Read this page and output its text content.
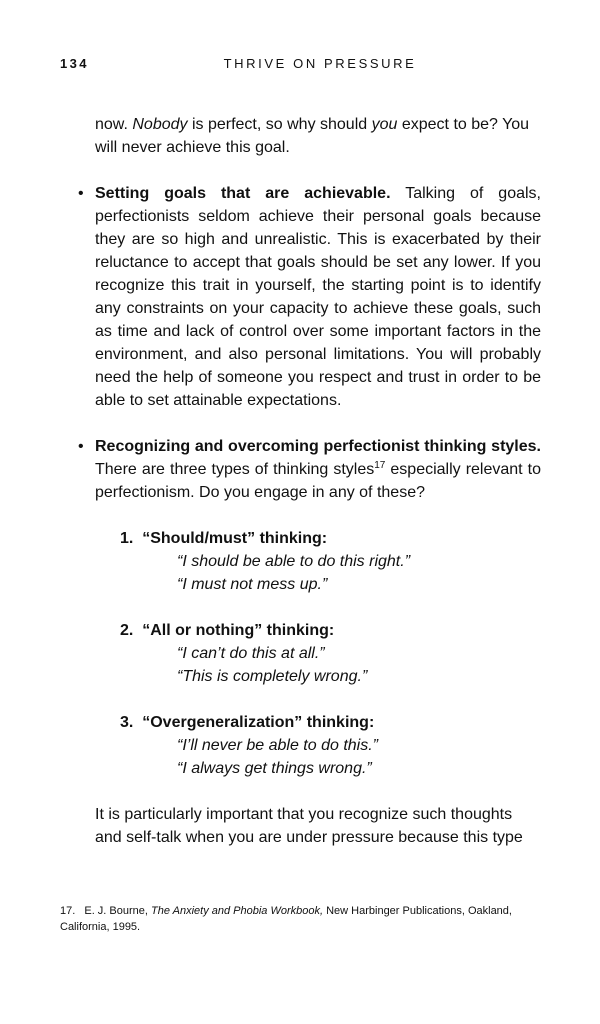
134	THRIVE ON PRESSURE

now. Nobody is perfect, so why should you expect to be? You will never achieve this goal.

• Setting goals that are achievable. Talking of goals, perfectionists seldom achieve their personal goals because they are so high and unrealistic. This is exacerbated by their reluctance to accept that goals should be set any lower. If you recognize this trait in yourself, the starting point is to identify any constraints on your capacity to achieve these goals, such as time and lack of control over some important factors in the environment, and also personal limitations. You will probably need the help of someone you respect and trust in order to be able to set attainable expectations.

• Recognizing and overcoming perfectionist thinking styles. There are three types of thinking styles$^{17}$ especially relevant to perfectionism. Do you engage in any of these?

1. “Should/must” thinking:
“I should be able to do this right.”
“I must not mess up.”
2. “All or nothing” thinking:
“I can’t do this at all.”
“This is completely wrong.”
3. “Overgeneralization” thinking:
“I’ll never be able to do this.”
“I always get things wrong.”

It is particularly important that you recognize such thoughts and self-talk when you are under pressure because this type

17. E. J. Bourne, The Anxiety and Phobia Workbook, New Harbinger Publications, Oakland, California, 1995.
